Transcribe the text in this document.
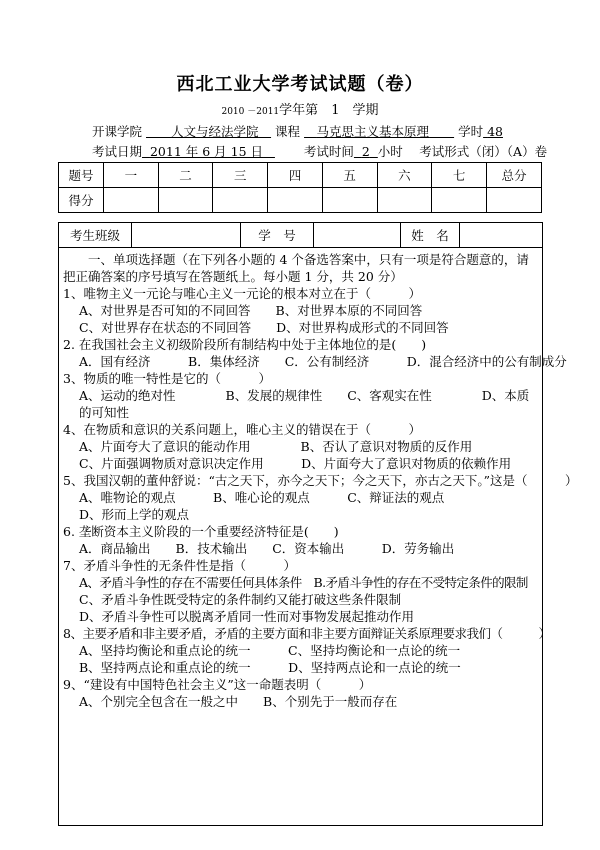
西北工业大学考试试题（卷）
2010 －2011学年第　 1　 学期
开课学院 　　 人文与经法学院　 课程 　 马克思主义基本原理　　 学时 48
考试日期 2011 年 6 月 15 日    　　	考试时间 2 小时 　 考试形式（闭）（A）卷
题号	一	二	三	四	五	六	七	总分
得分								
考生班级		学　号		姓　名	

一、单项选择题（在下列各小题的 4 个备选答案中，只有一项是符合题意的，请把正确答案的序号填写在答题纸上。每小题 1 分，共 20 分）

1、唯物主义一元论与唯心主义一元论的根本对立在于（　　　）

A、对世界是否可知的不同回答　　B、对世界本原的不同回答

C、对世界存在状态的不同回答　　D、对世界构成形式的不同回答

2. 在我国社会主义初级阶段所有制结构中处于主体地位的是(　　)

A．国有经济　　　B．集体经济　　C．公有制经济　　　D．混合经济中的公有制成分

3、物质的唯一特性是它的（　　　）

A、运动的绝对性　　　　B、发展的规律性　　C、客观实在性　　　　D、本质的可知性

4、在物质和意识的关系问题上，唯心主义的错误在于（　　　）

A、片面夸大了意识的能动作用　　　　B、否认了意识对物质的反作用

C、片面强调物质对意识决定作用　　　D、片面夸大了意识对物质的依赖作用

5、我国汉朝的董仲舒说：“古之天下，亦今之天下；今之天下，亦古之天下。”这是（　　　）

A、唯物论的观点　　　B、唯心论的观点　　　C、辩证法的观点

D、形而上学的观点

6. 垄断资本主义阶段的一个重要经济特征是(　　)

A．商品输出　　B．技术输出　　C．资本输出　　　D．劳务输出

7、矛盾斗争性的无条件性是指（　　　）

A、矛盾斗争性的存在不需要任何具体条件　B.矛盾斗争性的存在不受特定条件的限制

C、矛盾斗争性既受特定的条件制约又能打破这些条件限制

D、矛盾斗争性可以脱离矛盾同一性而对事物发展起推动作用

8、主要矛盾和非主要矛盾，矛盾的主要方面和非主要方面辩证关系原理要求我们（　　　）

A、坚持均衡论和重点论的统一　　　C、坚持均衡论和一点论的统一

B、坚持两点论和重点论的统一　　　D、坚持两点论和一点论的统一

9、“建设有中国特色社会主义”这一命题表明（　　　）

A、个别完全包含在一般之中　　B、个别先于一般而存在
